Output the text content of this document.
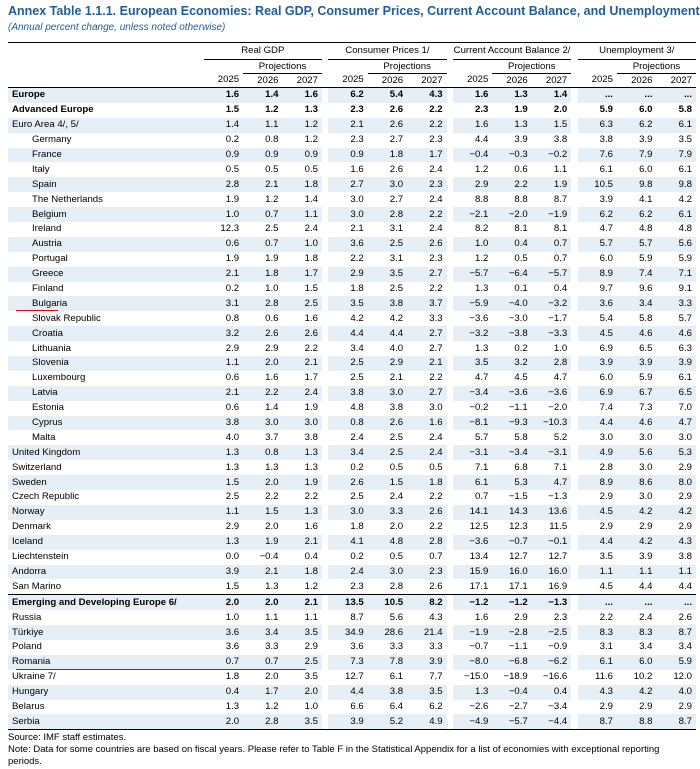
Annex Table 1.1.1. European Economies: Real GDP, Consumer Prices, Current Account Balance, and Unemployment
(Annual percent change, unless noted otherwise)
	Real GDP				Consumer Prices 1/				Current Account Balance 2/				Unemployment 3/		
		Projections				Projections				Projections				Projections	
	2025	2026	2027		2025	2026	2027		2025	2026	2027		2025	2026	2027
Europe	1.6	1.4	1.6		6.2	5.4	4.3		1.6	1.3	1.4		...	...	...
Advanced Europe	1.5	1.2	1.3		2.3	2.6	2.2		2.3	1.9	2.0		5.9	6.0	5.8
Euro Area 4/, 5/	1.4	1.1	1.2		2.1	2.6	2.2		1.6	1.3	1.5		6.3	6.2	6.1
Germany	0.2	0.8	1.2		2.3	2.7	2.3		4.4	3.9	3.8		3.8	3.9	3.5
France	0.9	0.9	0.9		0.9	1.8	1.7		−0.4	−0.3	−0.2		7.6	7.9	7.9
Italy	0.5	0.5	0.5		1.6	2.6	2.4		1.2	0.6	1.1		6.1	6.0	6.1
Spain	2.8	2.1	1.8		2.7	3.0	2.3		2.9	2.2	1.9		10.5	9.8	9.8
The Netherlands	1.9	1.2	1.4		3.0	2.7	2.4		8.8	8.8	8.7		3.9	4.1	4.2
Belgium	1.0	0.7	1.1		3.0	2.8	2.2		−2.1	−2.0	−1.9		6.2	6.2	6.1
Ireland	12.3	2.5	2.4		2.1	3.1	2.4		8.2	8.1	8.1		4.7	4.8	4.8
Austria	0.6	0.7	1.0		3.6	2.5	2.6		1.0	0.4	0.7		5.7	5.7	5.6
Portugal	1.9	1.9	1.8		2.2	3.1	2.3		1.2	0.5	0.7		6.0	5.9	5.9
Greece	2.1	1.8	1.7		2.9	3.5	2.7		−5.7	−6.4	−5.7		8.9	7.4	7.1
Finland	0.2	1.0	1.5		1.8	2.5	2.2		1.3	0.1	0.4		9.7	9.6	9.1
Bulgaria	3.1	2.8	2.5		3.5	3.8	3.7		−5.9	−4.0	−3.2		3.6	3.4	3.3
Slovak Republic	0.8	0.6	1.6		4.2	4.2	3.3		−3.6	−3.0	−1.7		5.4	5.8	5.7
Croatia	3.2	2.6	2.6		4.4	4.4	2.7		−3.2	−3.8	−3.3		4.5	4.6	4.6
Lithuania	2.9	2.9	2.2		3.4	4.0	2.7		1.3	0.2	1.0		6.9	6.5	6.3
Slovenia	1.1	2.0	2.1		2.5	2.9	2.1		3.5	3.2	2.8		3.9	3.9	3.9
Luxembourg	0.6	1.6	1.7		2.5	2.1	2.2		4.7	4.5	4.7		6.0	5.9	6.1
Latvia	2.1	2.2	2.4		3.8	3.0	2.7		−3.4	−3.6	−3.6		6.9	6.7	6.5
Estonia	0.6	1.4	1.9		4.8	3.8	3.0		−0.2	−1.1	−2.0		7.4	7.3	7.0
Cyprus	3.8	3.0	3.0		0.8	2.6	1.6		−8.1	−9.3	−10.3		4.4	4.6	4.7
Malta	4.0	3.7	3.8		2.4	2.5	2.4		5.7	5.8	5.2		3.0	3.0	3.0
United Kingdom	1.3	0.8	1.3		3.4	2.5	2.4		−3.1	−3.4	−3.1		4.9	5.6	5.3
Switzerland	1.3	1.3	1.3		0.2	0.5	0.5		7.1	6.8	7.1		2.8	3.0	2.9
Sweden	1.5	2.0	1.9		2.6	1.5	1.8		6.1	5.3	4.7		8.9	8.6	8.0
Czech Republic	2.5	2.2	2.2		2.5	2.4	2.2		0.7	−1.5	−1.3		2.9	3.0	2.9
Norway	1.1	1.5	1.3		3.0	3.3	2.6		14.1	14.3	13.6		4.5	4.2	4.2
Denmark	2.9	2.0	1.6		1.8	2.0	2.2		12.5	12.3	11.5		2.9	2.9	2.9
Iceland	1.3	1.9	2.1		4.1	4.8	2.8		−3.6	−0.7	−0.1		4.4	4.2	4.3
Liechtenstein	0.0	−0.4	0.4		0.2	0.5	0.7		13.4	12.7	12.7		3.5	3.9	3.8
Andorra	3.9	2.1	1.8		2.4	3.0	2.3		15.9	16.0	16.0		1.1	1.1	1.1
San Marino	1.5	1.3	1.2		2.3	2.8	2.6		17.1	17.1	16.9		4.5	4.4	4.4
Emerging and Developing Europe 6/	2.0	2.0	2.1		13.5	10.5	8.2		−1.2	−1.2	−1.3		...	...	...
Russia	1.0	1.1	1.1		8.7	5.6	4.3		1.6	2.9	2.3		2.2	2.4	2.6
Türkiye	3.6	3.4	3.5		34.9	28.6	21.4		−1.9	−2.8	−2.5		8.3	8.3	8.7
Poland	3.6	3.3	2.9		3.6	3.3	3.3		−0.7	−1.1	−0.9		3.1	3.4	3.4
Romania	0.7	0.7	2.5		7.3	7.8	3.9		−8.0	−6.8	−6.2		6.1	6.0	5.9
Ukraine 7/	1.8	2.0	3.5		12.7	6.1	7.7		−15.0	−18.9	−16.6		11.6	10.2	12.0
Hungary	0.4	1.7	2.0		4.4	3.8	3.5		1.3	−0.4	0.4		4.3	4.2	4.0
Belarus	1.3	1.2	1.0		6.6	6.4	6.2		−2.6	−2.7	−3.4		2.9	2.9	2.9
Serbia	2.0	2.8	3.5		3.9	5.2	4.9		−4.9	−5.7	−4.4		8.7	8.8	8.7
Source: IMF staff estimates.
Note: Data for some countries are based on fiscal years. Please refer to Table F in the Statistical Appendix for a list of economies with exceptional reporting periods.
